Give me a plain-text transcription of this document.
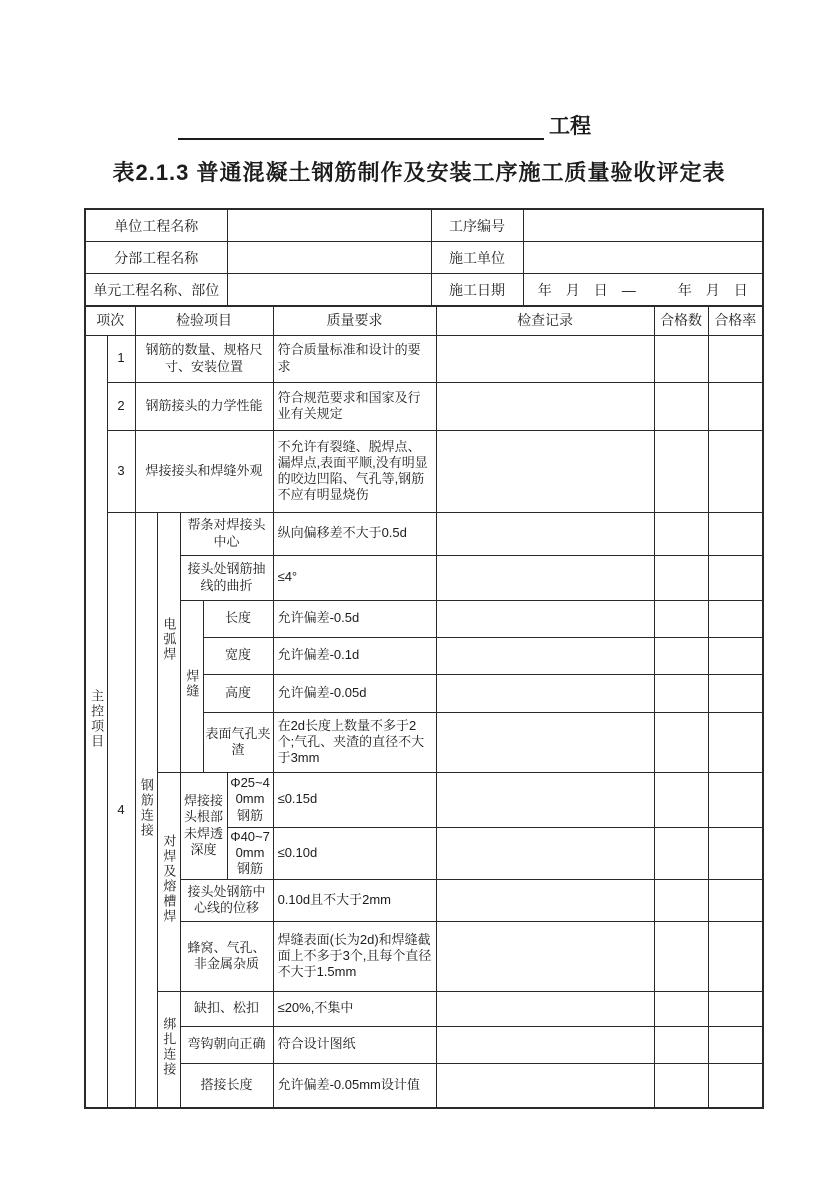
工程
表2.1.3 普通混凝土钢筋制作及安装工序施工质量验收评定表
单位工程名称		工序编号	
分部工程名称		施工单位	
单元工程名称、部位		施工日期	年　月　日　—　　　年　月　日
项次		检验项目					质量要求	检查记录	合格数	合格率
主控项目	1	钢筋的数量、规格尺寸、安装位置					符合质量标准和设计的要求			
	2	钢筋接头的力学性能					符合规范要求和国家及行业有关规定			
	3	焊接接头和焊缝外观					不允许有裂缝、脱焊点、漏焊点,表面平顺,没有明显的咬边凹陷、气孔等,钢筋不应有明显烧伤			
	4	钢筋连接	电弧焊	帮条对焊接头中心			纵向偏移差不大于0.5d			
				接头处钢筋抽线的曲折			≤4°			
				焊缝	长度		允许偏差-0.5d			
					宽度		允许偏差-0.1d			
					高度		允许偏差-0.05d			
					表面气孔夹渣		在2d长度上数量不多于2个;气孔、夹渣的直径不大于3mm			
			对焊及熔槽焊	焊接接头根部未焊透深度		Φ25~40mm钢筋	≤0.15d			
						Φ40~70mm钢筋	≤0.10d			
				接头处钢筋中心线的位移			0.10d且不大于2mm			
				蜂窝、气孔、非金属杂质			焊缝表面(长为2d)和焊缝截面上不多于3个,且每个直径不大于1.5mm			
			绑扎连接	缺扣、松扣			≤20%,不集中			
				弯钩朝向正确			符合设计图纸			
				搭接长度			允许偏差-0.05mm设计值			
